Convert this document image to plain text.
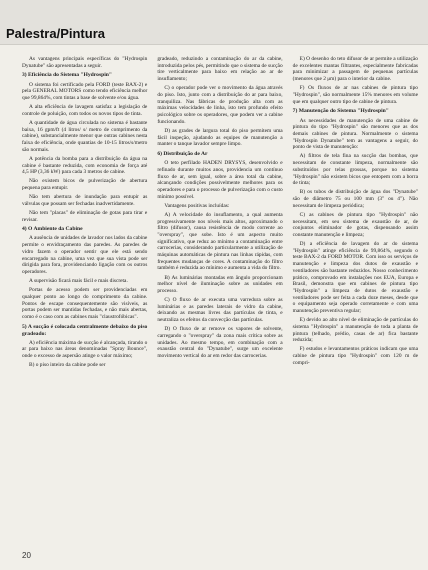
Palestra/Pintura

As vantagens principais específicas do "Hydrospin Dynatube" são apresentadas a seguir.

3) Eficiência do Sistema "Hydrospin"

O sistema foi certificado pela FORD (teste BAX-2) e pela GENERAL MOTORS como tendo eficiência melhor que 99,864%, com tintas a base de solvente e/ou água.

A alta eficiência de lavagem satisfaz a legislação de controle de poluição, com todos os novos tipos de tinta.

A quantidade de água circulada no sistema é bastante baixa, 16 gpm/ft (4 litros/ s/ metro de comprimento da cabine), substancialmente menor que outras cabines nesta faixa de eficiência, onde quantias de 10-15 litros/s/metro são normais.

A potência da bomba para a distribuição da água na cabine é bastante reduzida, com economia de força até 4,5 HP (3,36 kW) para cada 3 metros de cabine.

Não existem bicos de pulverização de abertura pequena para entupir.

Não tem abertura de inundação para entupir as válvulas que possam ser fechadas inadvertidamente.

Não tem "placas" de eliminação de gotas para tirar e revisar.

4) O Ambiente da Cabine

A ausência de unidades de lavador nos lados da cabine permite o envidraçamento das paredes. As paredes de vidro fazem o operador sentir que ele está sendo encarregado na cabine, uma vez que sua vista pode ser dirigida para fora, providenciando ligação com os outros operadores.

A supervisão ficará mais fácil e mais discreta.

Portas de acesso podem ser providenciadas em qualquer ponto ao longo do comprimento da cabine. Pontos de escape consequentemente são visíveis, as portas podem ser mantidas fechadas, e não mais abertas, como é o caso com as cabines mais "claustrofóbicas".

5) A sucção é colocada centralmente debaixo do piso gradeado:

A) eficiência máxima de sucção é alcançada, tirando o ar para baixo nas áreas denominadas "Spray Bounce", onde o excesso de aspersão atinge o valor máximo;

B) o piso inteiro da cabine pode ser

gradeado, reduzindo a contaminação do ar da cabine, introduzida pelos pés, permitindo que o sistema de sucção tire verticalmente para baixo em relação ao ar de insuflamento;

C) o operador pode ver o movimento da água através do piso. Isto, junto com a distribuição do ar para baixo, tranquiliza. Nas fábricas de produção alta com as máximas velocidades de linha, isto tem profundo efeito psicológico sobre os operadores, que podem ver a cabine funcionando.

D) as grades de largura total do piso permitem uma fácil inspeção, ajudando as equipes de manutenção a manter o tanque lavador sempre limpo.

6) Distribuição de Ar

O teto perfilado HADEN DRYSYS, desenvolvido e refinado durante muitos anos, providencia um contínuo fluxo de ar, sem igual, sobre a área total da cabine, alcançando condições possivelmente melhores para os operadores e para o processo de pulverização com o custo mínimo possível.

Vantagens positivas incluídas:

A) A velocidade do insuflamento, a qual aumenta progressivamente nos níveis mais altos, aproximando o filtro (difusor), causa resistência de modo corrente ao "overspray", que sobe. Isto é um aspecto muito significativo, que reduz ao mínimo a contaminação entre carrocerias, considerando particularmente a utilização de máquinas automáticas de pintura nas linhas rápidas, com frequentes mudanças de cores. A contaminação do filtro também é reduzida ao mínimo e aumenta a vida do filtro.

B) As luminárias montadas em ângulo proporcionam melhor nível de iluminação sobre as unidades em processo.

C) O fluxo de ar executa uma varredura sobre as luminárias e as paredes laterais de vidro da cabine, deixando as mesmas livres das partículas de tinta, e neutraliza os efeitos da convecção das partículas.

D) O fluxo de ar remove os vapores de solvente, carregando o "overspray" da zona mais crítica sobre as unidades. Ao mesmo tempo, em combinação com a exaustão central do "Dynatube", surge um excelente movimento vertical do ar em redor das carrocerias.

E) O desenho do teto difusor de ar permite a utilização de excelentes mantas filtrantes, especialmente fabricadas para minimizar a passagem de pequenas partículas (menores que 2 μm) para o interior da cabine.

F) Os fluxos de ar nas cabines de pintura tipo "Hydrospin", são normalmente 15% menores em volume que em qualquer outro tipo de cabine de pintura.

7) Manutenção do Sistema "Hydrospin"

As necessidades de manutenção de uma cabine de pintura do tipo "Hydrospin" são menores que as dos demais cabines de pintura. Normalmente o sistema "Hydrospin Dynatube" tem as vantagens a seguir, do ponto de vista de manutenção:

A) filtros de tela fina na sucção das bombas, que necessitam de constante limpeza, normalmente são substituídos por telas grossas, porque no sistema "Hydrospin" não existem bicos que entopem com a borra de tinta;

B) os tubos de distribuição de água dos "Dynatube" são de diâmetro 75 ou 100 mm (3" ou 4"). Não necessitam de limpeza periódica;

C) as cabines de pintura tipo "Hydrospin" não necessitam, em seu sistema de exaustão de ar, de conjuntos eliminador de gotas, dispensando assim constante manutenção e limpeza;

D) a eficiência de lavagem do ar do sistema "Hydrospin" atinge eficiência de 99,864%, segundo o teste BAX-2 da FORD MOTOR. Com isso os serviços de manutenção e limpeza dos dutos de exaustão e ventiladores são bastante reduzidos. Nosso conhecimento prático, comprovado em instalações nos EUA, Europa e Brasil, demonstra que em cabines de pintura tipo "Hydrospin" a limpeza de dutos de exaustão e ventiladores pode ser feita a cada doze meses, desde que o equipamento seja operado corretamente e com uma manutenção preventiva regular;

E) devido ao alto nível de eliminação de partículas do sistema "Hydrospin" a manutenção de toda a planta de pintura (telhado, prédio, casas de ar) fica bastante reduzida;

F) estudos e levantamentos práticos indicam que uma cabine de pintura tipo "Hydrospin" com 120 m de compri-

20
